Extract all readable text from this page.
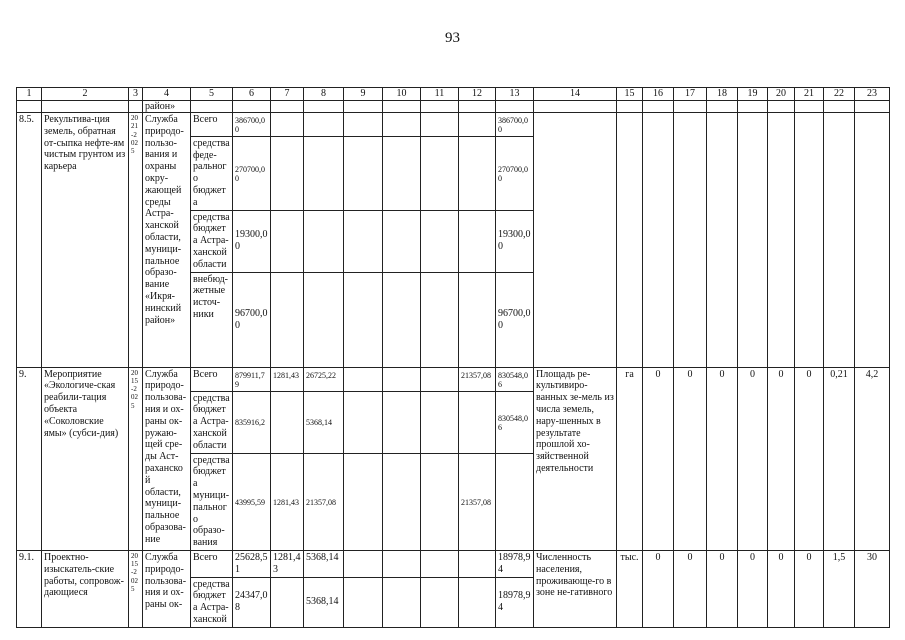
93
1	2	3	4	5	6	7	8	9	10	11	12	13	14	15	16	17	18	19	20	21	22	23
			район»																			
8.5.	Рекультива-ция земель, обратная от-сыпка нефте-ям чистым грунтом из карьера	2021-2025	Служба природо-пользо-вания и охраны окру-жающей среды Астра-ханской области, муници-пальное образо-вание «Икря-нинский район»	Всего	386700,00							386700,00										
				средства феде-рального бюджета	270700,00							270700,00										
				средства бюджета Астра-ханской области	19300,00							19300,00										
				внебюд-жетные источ-ники	96700,00							96700,00										
9.	Мероприятие «Экологиче-ская реабили-тация объекта «Соколовские ямы» (субси-дия)	2015-2025	Служба природо-пользова-ния и ох-раны ок-ружаю-щей сре-ды Аст-раханской области, муници-пальное образова-ние	Всего	879911,79	1281,43	26725,22				21357,08	830548,06	Площадь ре-культивиро-ванных зе-мель из числа земель, нару-шенных в результате прошлой хо-зяйственной деятельности	га	0	0	0	0	0	0	0,21	4,2
				средства бюджета Астра-ханской области	835916,2		5368,14					830548,06										
				средства бюджета муници-пального образо-вания	43995,59	1281,43	21357,08				21357,08											
9.1.	Проектно-изыскатель-ские работы, сопровож-дающиеся	2015-2025	Служба природо-пользова-ния и ох-раны ок-	Всего	25628,51	1281,43	5368,14					18978,94	Численность населения, проживающе-го в зоне не-гативного	тыс.	0	0	0	0	0	0	1,5	30
				средства бюджета Астра-ханской	24347,08		5368,14					18978,94										
